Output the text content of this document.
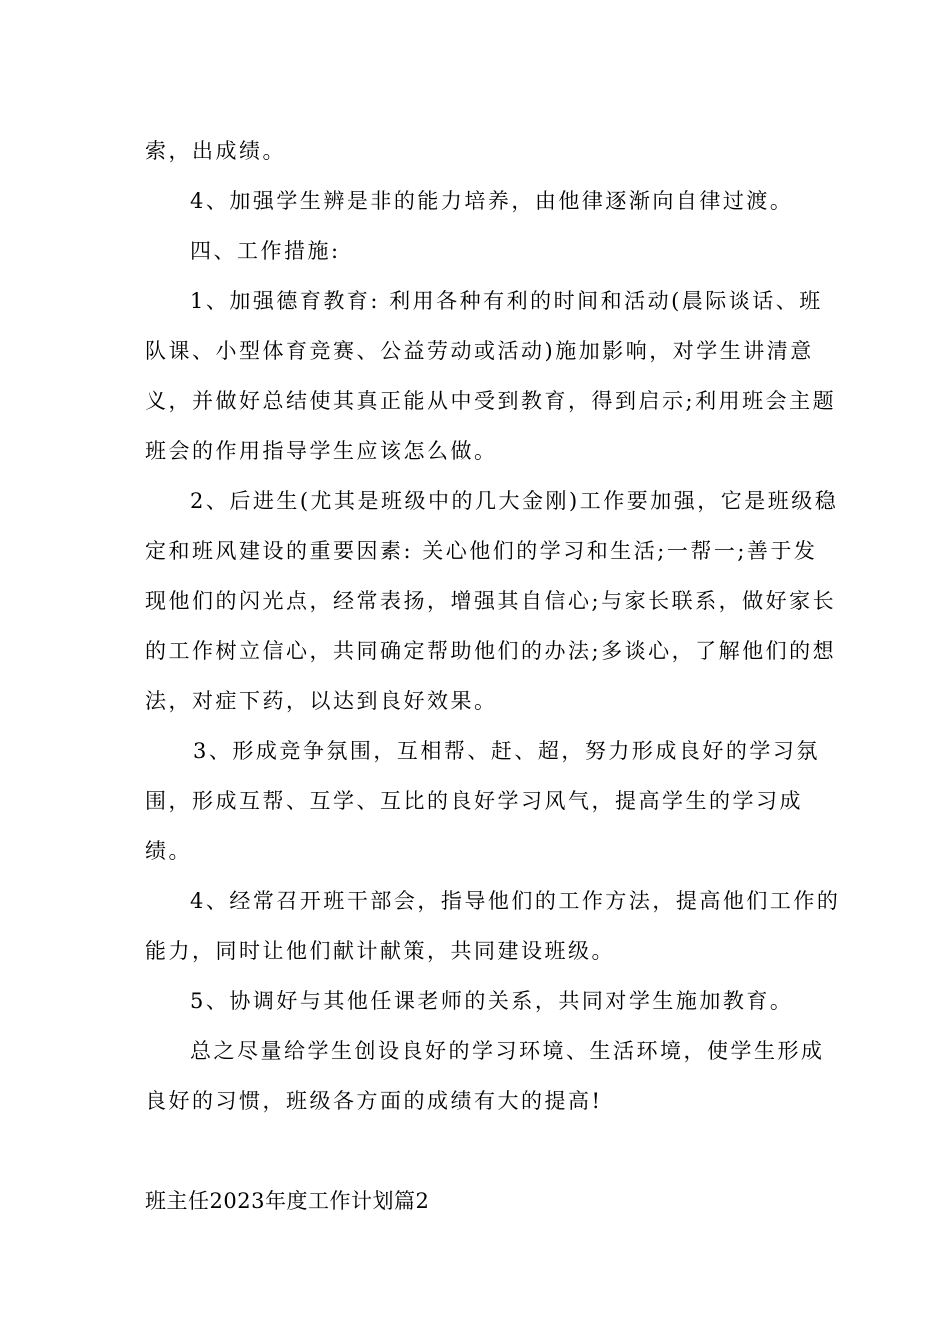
索，出成绩。
4、加强学生辨是非的能力培养，由他律逐渐向自律过渡。
四、工作措施:
1、加强德育教育: 利用各种有利的时间和活动(晨际谈话、班
队课、小型体育竞赛、公益劳动或活动)施加影响，对学生讲清意
义，并做好总结使其真正能从中受到教育，得到启示;利用班会主题
班会的作用指导学生应该怎么做。
2、后进生(尤其是班级中的几大金刚)工作要加强，它是班级稳
定和班风建设的重要因素: 关心他们的学习和生活;一帮一;善于发
现他们的闪光点，经常表扬，增强其自信心;与家长联系，做好家长
的工作树立信心，共同确定帮助他们的办法;多谈心，了解他们的想
法，对症下药，以达到良好效果。
3、形成竞争氛围，互相帮、赶、超，努力形成良好的学习氛
围，形成互帮、互学、互比的良好学习风气，提高学生的学习成
绩。
4、经常召开班干部会，指导他们的工作方法，提高他们工作的
能力，同时让他们献计献策，共同建设班级。
5、协调好与其他任课老师的关系，共同对学生施加教育。
总之尽量给学生创设良好的学习环境、生活环境，使学生形成
良好的习惯，班级各方面的成绩有大的提高!
班主任2023年度工作计划篇2
